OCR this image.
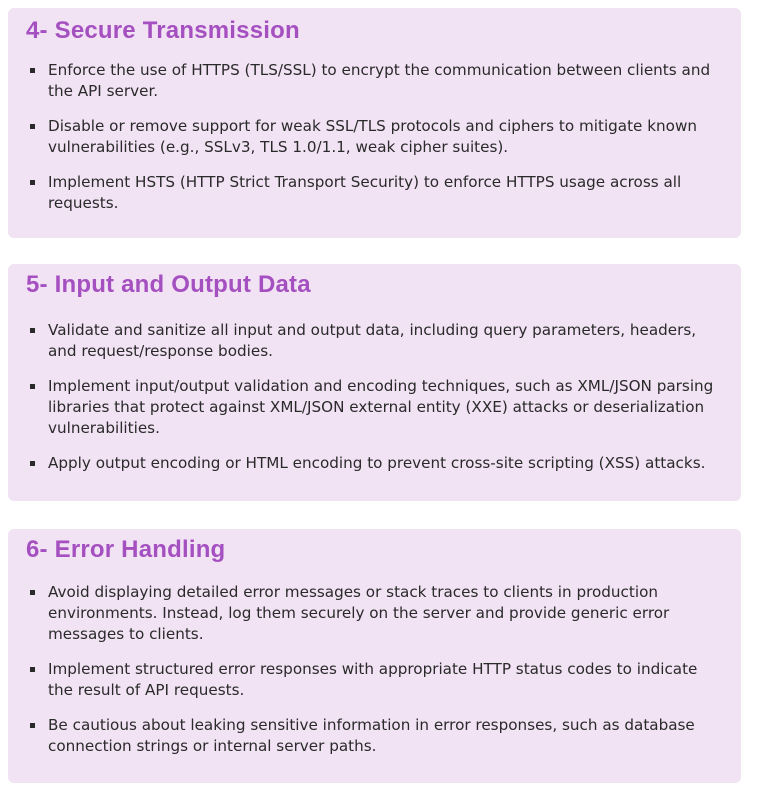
4- Secure Transmission
Enforce the use of HTTPS (TLS/SSL) to encrypt the communication between clients and the API server.
Disable or remove support for weak SSL/TLS protocols and ciphers to mitigate known vulnerabilities (e.g., SSLv3, TLS 1.0/1.1, weak cipher suites).
Implement HSTS (HTTP Strict Transport Security) to enforce HTTPS usage across all requests.
5- Input and Output Data
Validate and sanitize all input and output data, including query parameters, headers, and request/response bodies.
Implement input/output validation and encoding techniques, such as XML/JSON parsing libraries that protect against XML/JSON external entity (XXE) attacks or deserialization vulnerabilities.
Apply output encoding or HTML encoding to prevent cross-site scripting (XSS) attacks.
6- Error Handling
Avoid displaying detailed error messages or stack traces to clients in production environments. Instead, log them securely on the server and provide generic error messages to clients.
Implement structured error responses with appropriate HTTP status codes to indicate the result of API requests.
Be cautious about leaking sensitive information in error responses, such as database connection strings or internal server paths.
